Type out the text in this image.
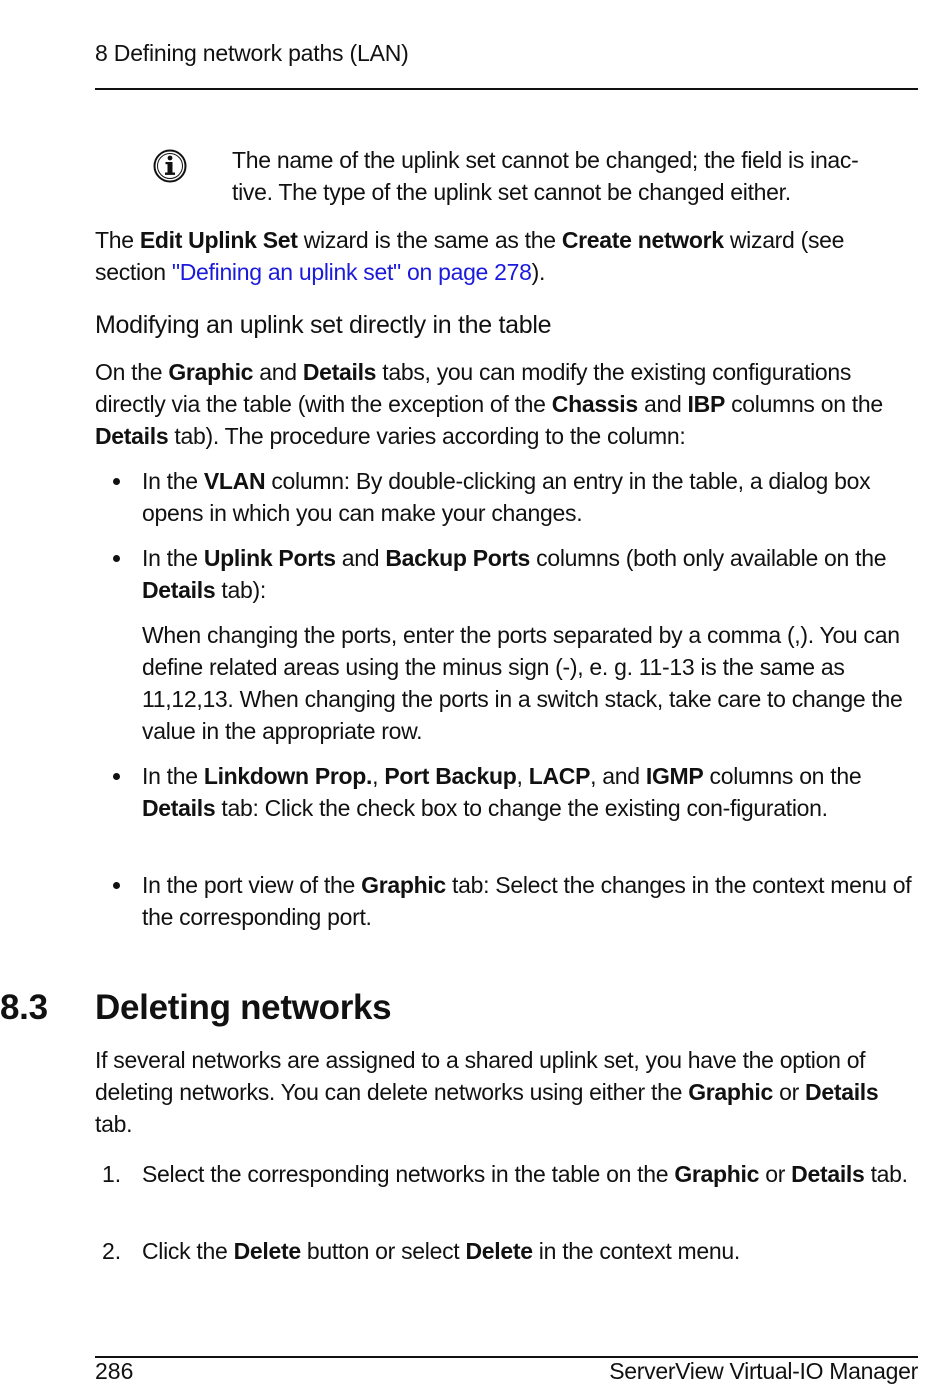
8 Defining network paths (LAN)
The name of the uplink set cannot be changed; the field is inac-
tive. The type of the uplink set cannot be changed either.
The Edit Uplink Set wizard is the same as the Create network wizard (see section "Defining an uplink set" on page 278).
Modifying an uplink set directly in the table
On the Graphic and Details tabs, you can modify the existing configurations directly via the table (with the exception of the Chassis and IBP columns on the Details tab). The procedure varies according to the column:
In the VLAN column: By double-clicking an entry in the table, a dialog box opens in which you can make your changes.
In the Uplink Ports and Backup Ports columns (both only available on the Details tab):
When changing the ports, enter the ports separated by a comma (,). You can define related areas using the minus sign (-), e. g. 11-13 is the same as 11,12,13. When changing the ports in a switch stack, take care to change the value in the appropriate row.
In the Linkdown Prop., Port Backup, LACP, and IGMP columns on the Details tab: Click the check box to change the existing con-figuration.
In the port view of the Graphic tab: Select the changes in the context menu of the corresponding port.
8.3 Deleting networks
If several networks are assigned to a shared uplink set, you have the option of deleting networks. You can delete networks using either the Graphic or Details tab.
1. Select the corresponding networks in the table on the Graphic or Details tab.
2. Click the Delete button or select Delete in the context menu.
286	ServerView Virtual-IO Manager
